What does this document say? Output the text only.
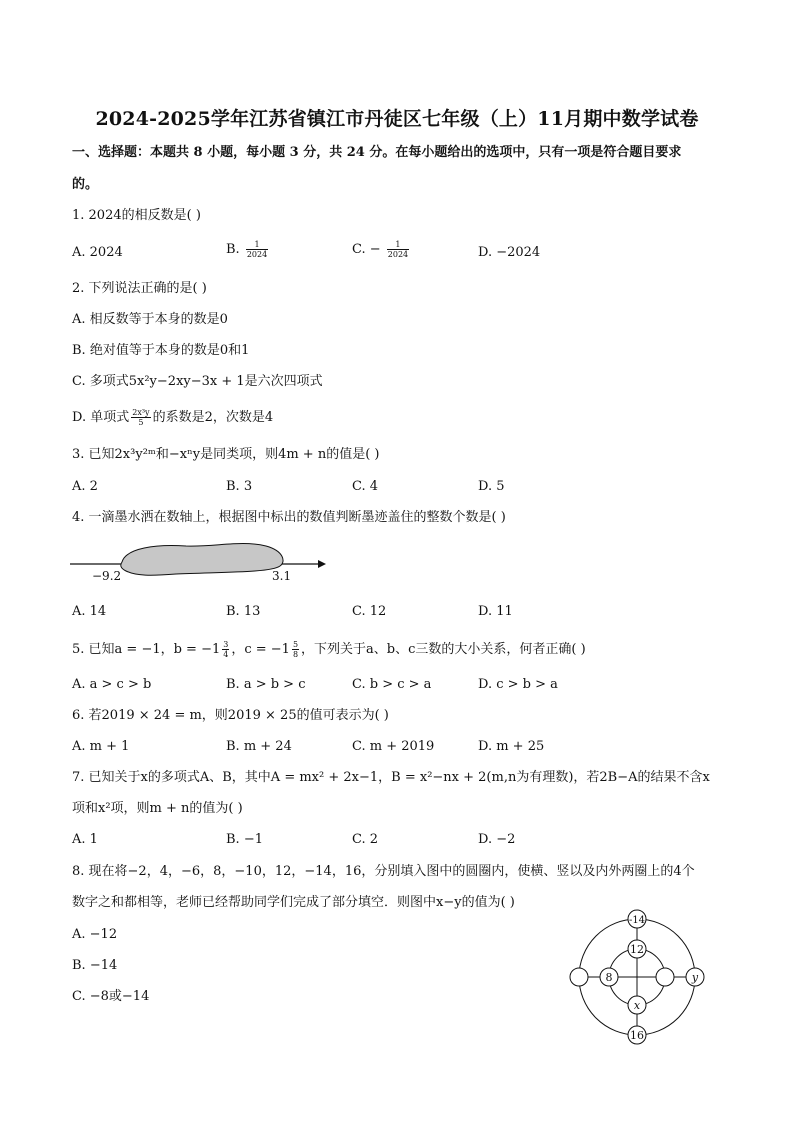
2024-2025学年江苏省镇江市丹徒区七年级（上）11月期中数学试卷
一、选择题：本题共 8 小题，每小题 3 分，共 24 分。在每小题给出的选项中，只有一项是符合题目要求
的。
1. 2024的相反数是( )
A. 2024	B. $\frac{1}{2024}$	C. − $\frac{1}{2024}$	D. −2024
2. 下列说法正确的是( )
A. 相反数等于本身的数是0
B. 绝对值等于本身的数是0和1
C. 多项式5x²y−2xy−3x + 1是六次四项式
D. 单项式 $\frac{\text{2x³y}}{5}$ 的系数是2，次数是4
3. 已知2x³y²ᵐ和−xⁿy是同类项，则4m + n的值是( )
A. 2	B. 3	C. 4	D. 5
4. 一滴墨水洒在数轴上，根据图中标出的数值判断墨迹盖住的整数个数是( )
−9.2	3.1
A. 14	B. 13	C. 12	D. 11
5. 已知a = −1，$b = -1 \frac{3}{4}$ ，$c = -1 \frac{5}{8}$ ，下列关于a、b、c三数的大小关系，何者正确( )
A. a > c > b	B. a > b > c	C. b > c > a	D. c > b > a
6. 若2019 × 24 = m，则2019 × 25的值可表示为( )
A. m + 1	B. m + 24	C. m + 2019	D. m + 25
7. 已知关于x的多项式A、B，其中A = mx² + 2x−1，B = x²−nx + 2(m,n为有理数)，若2B−A的结果不含x
项和x²项，则m + n的值为( )
A. 1	B. −1	C. 2	D. −2
8. 现在将−2，4，−6，8，−10，12，−14，16，分别填入图中的圆圈内，使横、竖以及内外两圈上的4个
数字之和都相等，老师已经帮助同学们完成了部分填空．则图中x−y的值为( )
A. −12
B. −14
C. −8或−14
-14
12
8	y
x
16
